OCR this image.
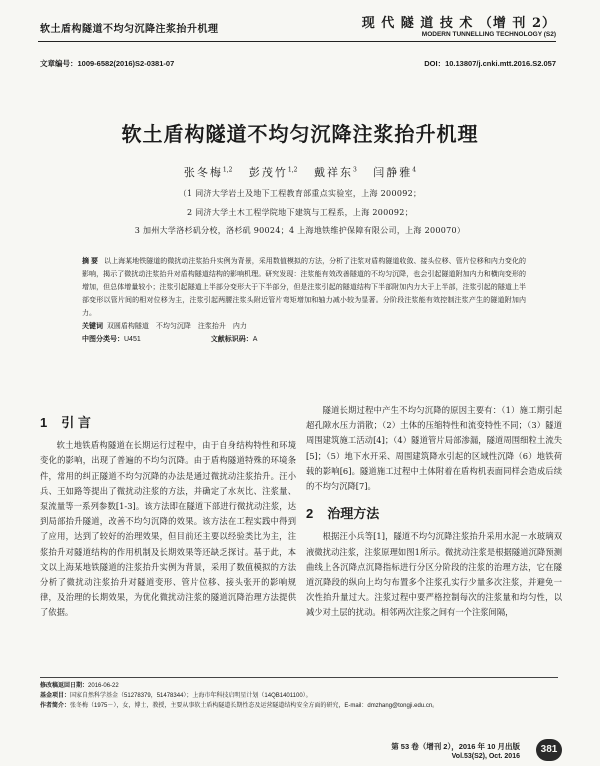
软土盾构隧道不均匀沉降注浆抬升机理	现 代 隧 道 技 术 （增 刊 2）
MODERN TUNNELLING TECHNOLOGY (S2)
文章编号：1009-6582(2016)S2-0381-07	DOI：10.13807/j.cnki.mtt.2016.S2.057
软土盾构隧道不均匀沉降注浆抬升机理
张冬梅$^{1,2}$ 彭茂竹$^{1,2}$ 戴祥东$^3$ 闫静雅$^4$
（1 同济大学岩土及地下工程教育部重点实验室，上海 200092；
2 同济大学土木工程学院地下建筑与工程系，上海 200092；
3 加州大学洛杉矶分校，洛杉矶 90024；4 上海地铁维护保障有限公司，上海 200070）
摘 要 以上海某地铁隧道的微扰动注浆抬升实例为背景，采用数值模拟的方法，分析了注浆对盾构隧道收敛、接头位移、管片位移和内力变化的影响，揭示了微扰动注浆抬升对盾构隧道结构的影响机理。研究发现：注浆能有效改善隧道的不均匀沉降，也会引起隧道附加内力和横向变形的增加，但总体增量较小；注浆引起隧道上半部分变形大于下半部分，但是注浆引起的隧道结构下半部附加内力大于上半部，注浆引起的隧道上半部变形以管片间的相对位移为主，注浆引起两腰注浆头附近管片弯矩增加和轴力减小较为显著。分阶段注浆能有效控制注浆产生的隧道附加内力。
关键词 双圆盾构隧道　不均匀沉降　注浆抬升　内力
中图分类号：U451	文献标识码：A
1 引 言

软土地铁盾构隧道在长期运行过程中，由于自身结构特性和环境变化的影响，出现了普遍的不均匀沉降。由于盾构隧道特殊的环境条件，常用的纠正隧道不均匀沉降的办法是通过微扰动注浆抬升。汪小兵、王如路等提出了微扰动注浆的方法，并确定了水灰比、注浆量、泵流量等一系列参数[1-3]。该方法即在隧道下部进行微扰动注浆，达到局部抬升隧道，改善不均匀沉降的效果。该方法在工程实践中得到了应用，达到了较好的治理效果，但目前还主要以经验类比为主，注浆抬升对隧道结构的作用机制及长期效果等还缺乏探讨。基于此，本文以上海某地铁隧道的注浆抬升实例为背景，采用了数值模拟的方法分析了微扰动注浆抬升对隧道变形、管片位移、接头张开的影响规律，及治理的长期效果，为优化微扰动注浆的隧道沉降治理方法提供了依据。

隧道长期过程中产生不均匀沉降的原因主要有：（1）施工期引起超孔隙水压力消散；（2）土体的压缩特性和流变特性不同；（3）隧道周围建筑施工活动[4]；（4）隧道管片局部渗漏，隧道周围细粒土流失[5]；（5）地下水开采、周围建筑降水引起的区域性沉降（6）地铁荷载的影响[6]。隧道施工过程中土体附着在盾构机表面同样会造成后续的不均匀沉降[7]。

2 治理方法

根据汪小兵等[1]，隧道不均匀沉降注浆抬升采用水泥－水玻璃双液微扰动注浆，注浆原理如图1所示。微扰动注浆是根据隧道沉降预测曲线上各沉降点沉降指标进行分区分阶段的注浆的治理方法，它在隧道沉降段的纵向上均匀布置多个注浆孔实行少量多次注浆，并避免一次性抬升量过大。注浆过程中要严格控制每次的注浆量和均匀性，以减少对土层的扰动。相邻两次注浆之间有一个注浆间隔，

修改稿返回日期：2016-06-22
基金项目：国家自然科学基金（51278379，51478344）；上海市年科技启明星计划（14QB1401100）。
作者简介：张冬梅（1975－），女，博士，教授，主要从事软土盾构隧道长期性态及运营隧道结构安全方面的研究，E-mail：dmzhang@tongji.edu.cn。
第 53 卷（增刊 2），2016 年 10 月出版
Vol.53(S2), Oct. 2016
381
